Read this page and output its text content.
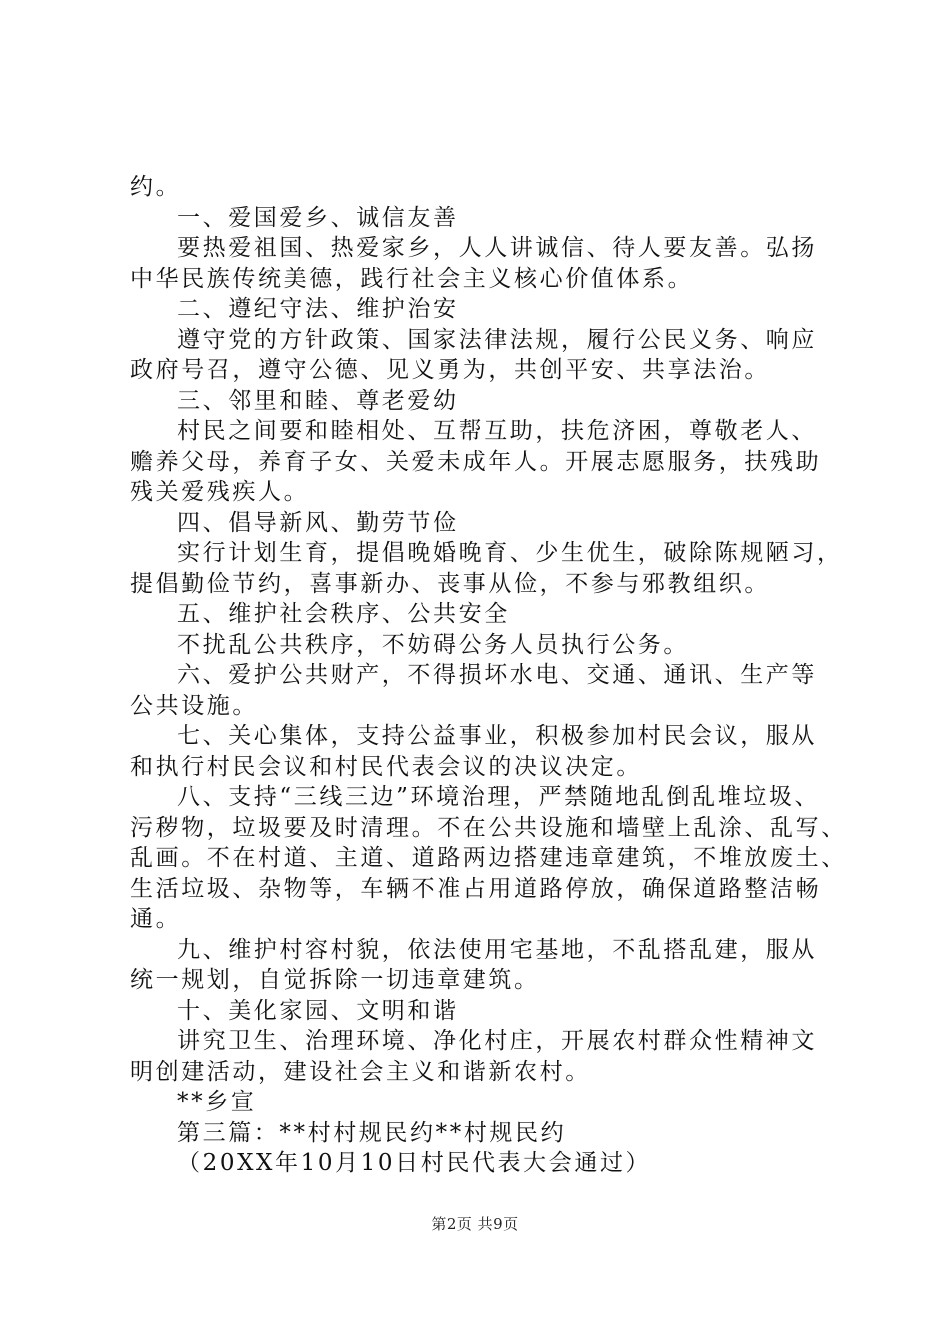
约。
一、爱国爱乡、诚信友善
要热爱祖国、热爱家乡，人人讲诚信、待人要友善。弘扬
中华民族传统美德，践行社会主义核心价值体系。
二、遵纪守法、维护治安
遵守党的方针政策、国家法律法规，履行公民义务、响应
政府号召，遵守公德、见义勇为，共创平安、共享法治。
三、邻里和睦、尊老爱幼
村民之间要和睦相处、互帮互助，扶危济困，尊敬老人、
赡养父母，养育子女、关爱未成年人。开展志愿服务，扶残助
残关爱残疾人。
四、倡导新风、勤劳节俭
实行计划生育，提倡晚婚晚育、少生优生，破除陈规陋习，
提倡勤俭节约，喜事新办、丧事从俭，不参与邪教组织。
五、维护社会秩序、公共安全
不扰乱公共秩序，不妨碍公务人员执行公务。
六、爱护公共财产，不得损坏水电、交通、通讯、生产等
公共设施。
七、关心集体，支持公益事业，积极参加村民会议，服从
和执行村民会议和村民代表会议的决议决定。
八、支持“三线三边”环境治理，严禁随地乱倒乱堆垃圾、
污秽物，垃圾要及时清理。不在公共设施和墙壁上乱涂、乱写、
乱画。不在村道、主道、道路两边搭建违章建筑，不堆放废土、
生活垃圾、杂物等，车辆不准占用道路停放，确保道路整洁畅
通。
九、维护村容村貌，依法使用宅基地，不乱搭乱建，服从
统一规划，自觉拆除一切违章建筑。
十、美化家园、文明和谐
讲究卫生、治理环境、净化村庄，开展农村群众性精神文
明创建活动，建设社会主义和谐新农村。
**乡宣
第三篇：**村村规民约**村规民约
（20XX年10月10日村民代表大会通过）
第2页 共9页
